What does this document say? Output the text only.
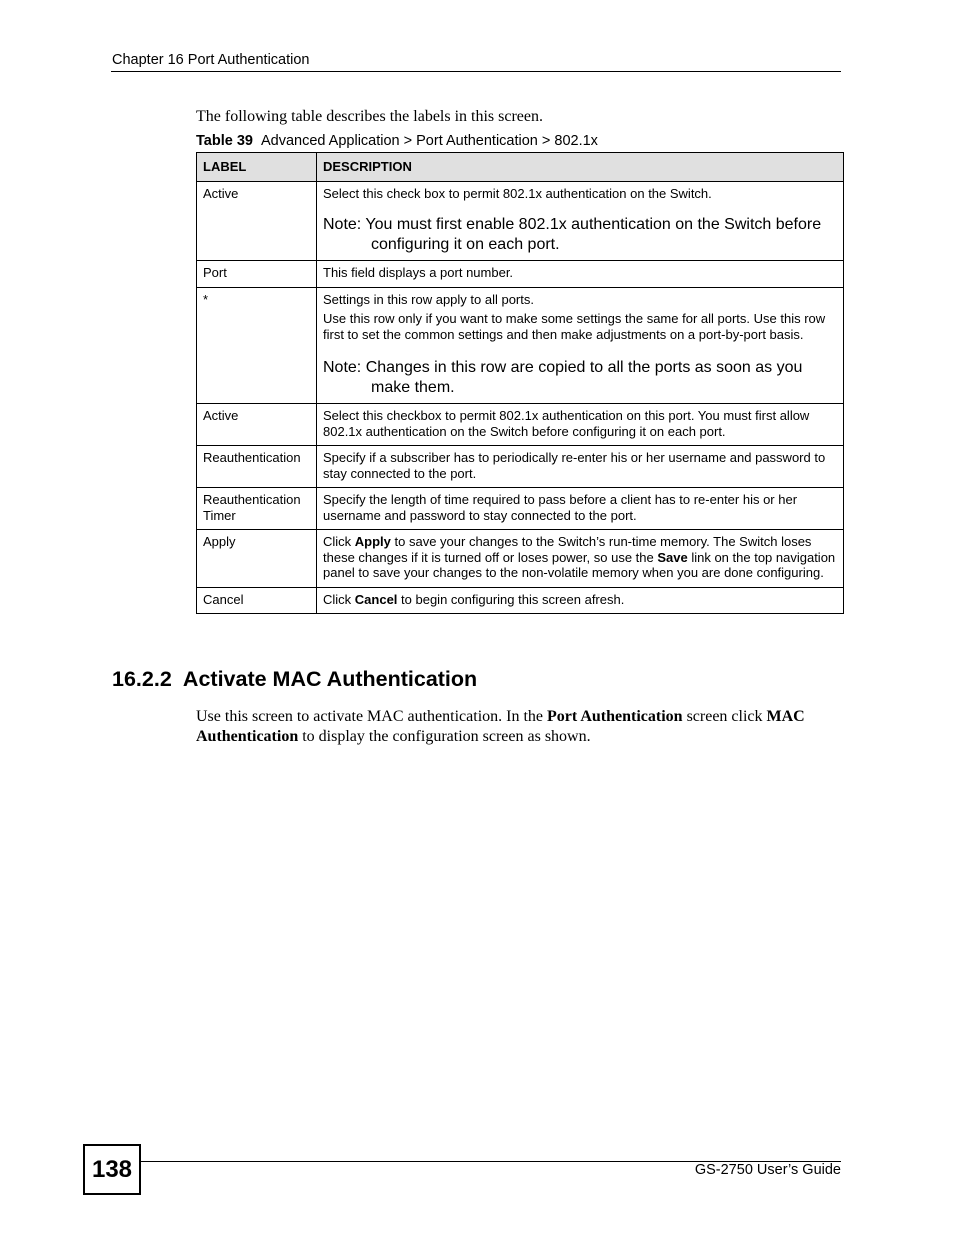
Chapter 16 Port Authentication

The following table describes the labels in this screen.

Table 39 Advanced Application > Port Authentication > 802.1x
LABEL	DESCRIPTION
Active	Select this check box to permit 802.1x authentication on the Switch.
Note: You must first enable 802.1x authentication on the Switch before configuring it on each port.

Port	This field displays a port number.
*	Settings in this row apply to all ports.
Use this row only if you want to make some settings the same for all ports. Use this row first to set the common settings and then make adjustments on a port-by-port basis.
Note: Changes in this row are copied to all the ports as soon as you make them.

Active	Select this checkbox to permit 802.1x authentication on this port. You must first allow 802.1x authentication on the Switch before configuring it on each port.
Reauthentication	Specify if a subscriber has to periodically re-enter his or her username and password to stay connected to the port.
Reauthentication Timer	Specify the length of time required to pass before a client has to re-enter his or her username and password to stay connected to the port.
Apply	Click Apply to save your changes to the Switch’s run-time memory. The Switch loses these changes if it is turned off or loses power, so use the Save link on the top navigation panel to save your changes to the non-volatile memory when you are done configuring.
Cancel	Click Cancel to begin configuring this screen afresh.
16.2.2  Activate MAC Authentication

Use this screen to activate MAC authentication. In the Port Authentication screen click MAC Authentication to display the configuration screen as shown.

138	GS-2750 User’s Guide
